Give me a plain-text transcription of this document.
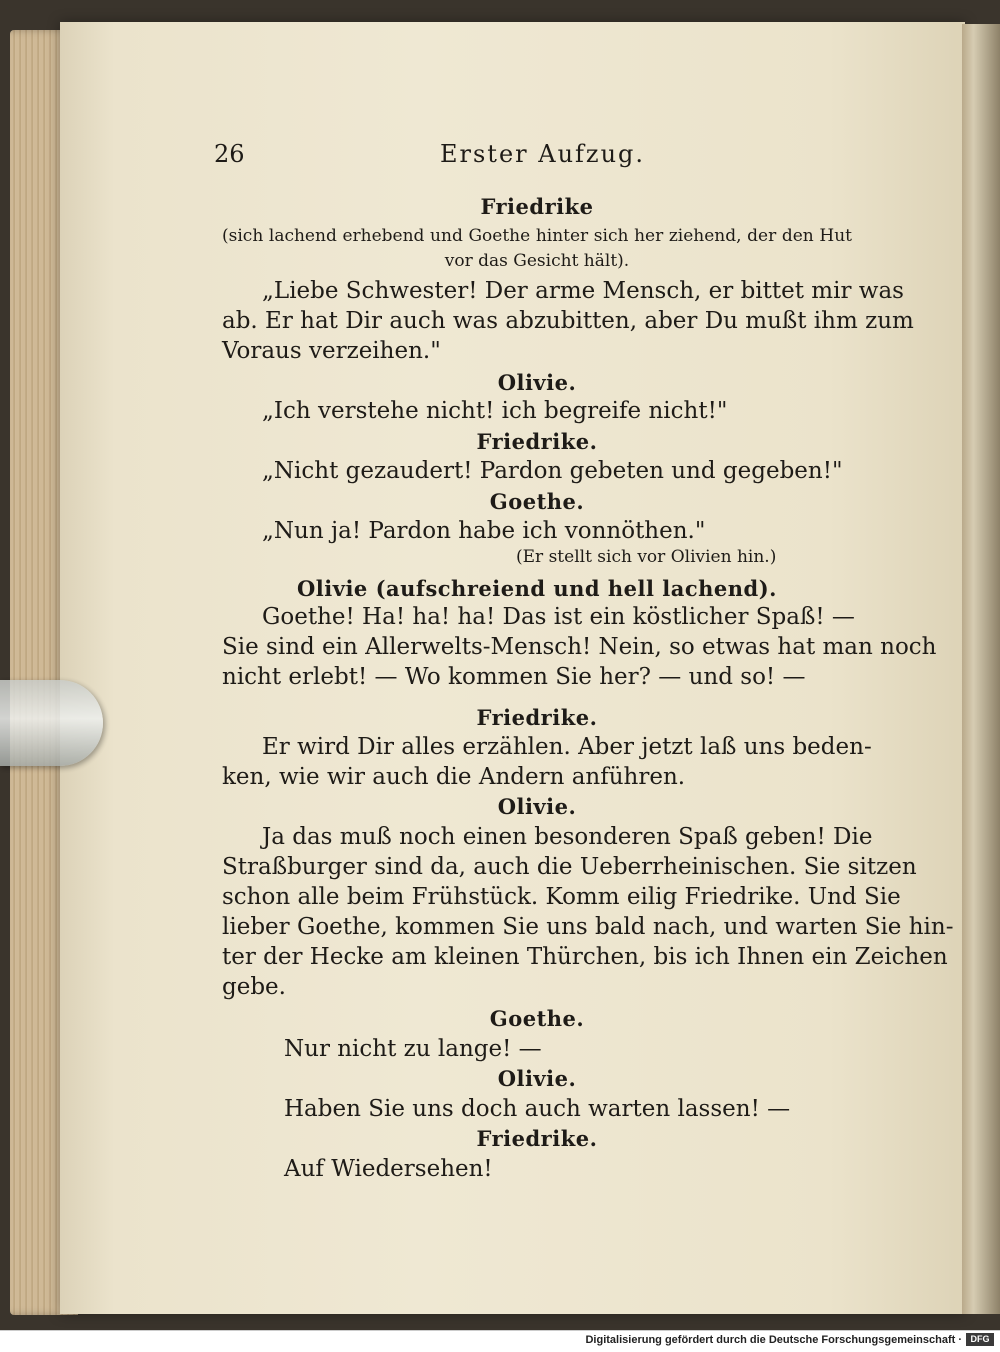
26	Erster Aufzug.
Friedrike
(sich lachend erhebend und Goethe hinter sich her ziehend, der den Hut
vor das Gesicht hält).
„Liebe Schwester! Der arme Mensch, er bittet mir was
ab. Er hat Dir auch was abzubitten, aber Du mußt ihm zum
Voraus verzeihen."
Olivie.
„Ich verstehe nicht! ich begreife nicht!"
Friedrike.
„Nicht gezaudert! Pardon gebeten und gegeben!"
Goethe.
„Nun ja! Pardon habe ich vonnöthen."
(Er stellt sich vor Olivien hin.)
Olivie (aufschreiend und hell lachend).
Goethe! Ha! ha! ha! Das ist ein köstlicher Spaß! —
Sie sind ein Allerwelts-Mensch! Nein, so etwas hat man noch
nicht erlebt! — Wo kommen Sie her? — und so! —
Friedrike.
Er wird Dir alles erzählen. Aber jetzt laß uns beden-
ken, wie wir auch die Andern anführen.
Olivie.
Ja das muß noch einen besonderen Spaß geben! Die
Straßburger sind da, auch die Ueberrheinischen. Sie sitzen
schon alle beim Frühstück. Komm eilig Friedrike. Und Sie
lieber Goethe, kommen Sie uns bald nach, und warten Sie hin-
ter der Hecke am kleinen Thürchen, bis ich Ihnen ein Zeichen
gebe.
Goethe.
Nur nicht zu lange! —
Olivie.
Haben Sie uns doch auch warten lassen! —
Friedrike.
Auf Wiedersehen!
Digitalisierung gefördert durch die Deutsche Forschungsgemeinschaft · DFG
